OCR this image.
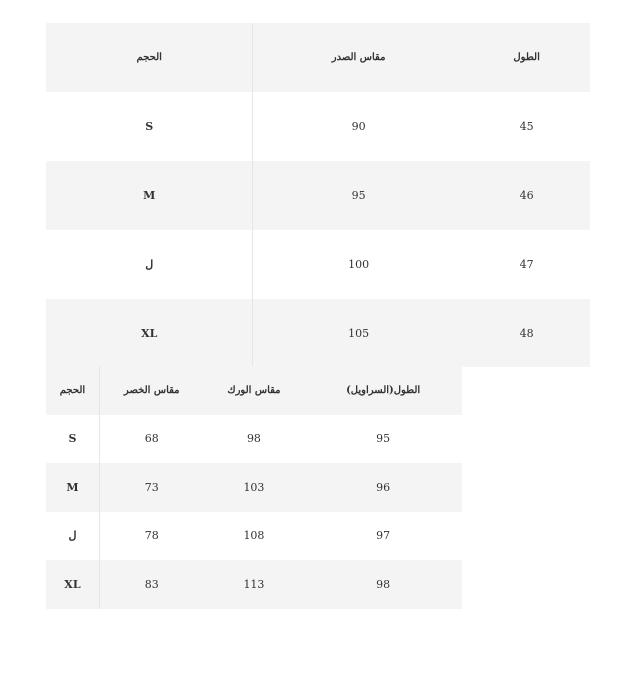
الحجم	مقاس الصدر	الطول
S	90	45
M	95	46
ل	100	47
XL	105	48
الحجم	مقاس الخصر	مقاس الورك	الطول(السراويل)
S	68	98	95
M	73	103	96
ل	78	108	97
XL	83	113	98
